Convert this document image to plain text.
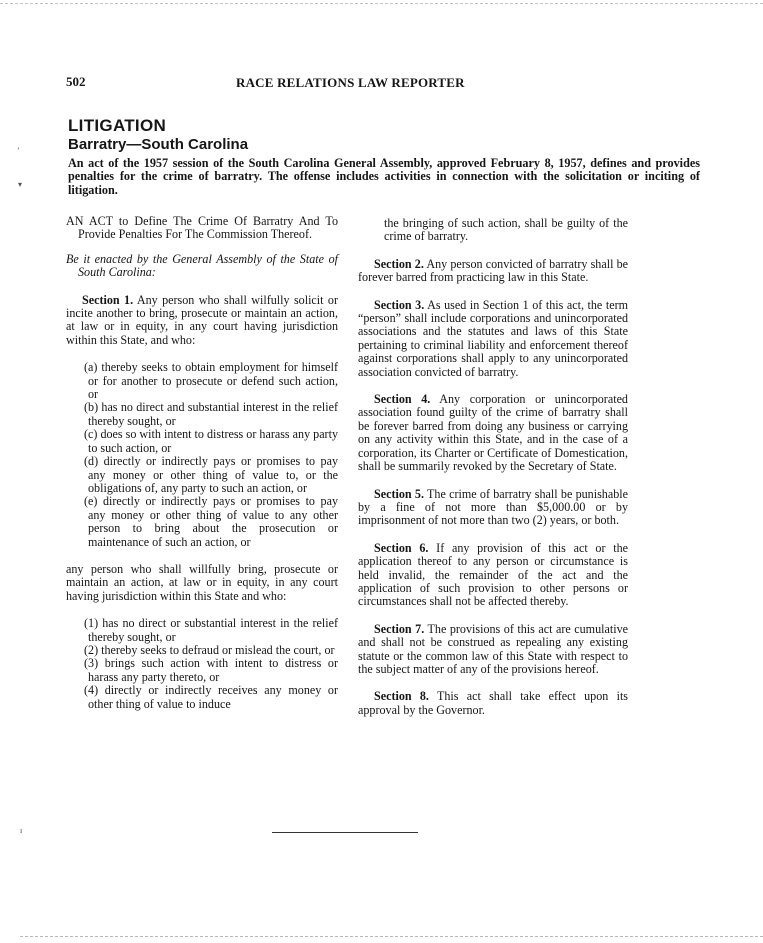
502	RACE RELATIONS LAW REPORTER
LITIGATION
Barratry—South Carolina
An act of the 1957 session of the South Carolina General Assembly, approved February 8, 1957, defines and provides penalties for the crime of barratry. The offense includes activities in connection with the solicitation or inciting of litigation.
ʼ
▾
ı

AN ACT to Define The Crime Of Barratry And To Provide Penalties For The Commission Thereof.

Be it enacted by the General Assembly of the State of South Carolina:

Section 1. Any person who shall wilfully solicit or incite another to bring, prosecute or maintain an action, at law or in equity, in any court having jurisdiction within this State, and who:

(a) thereby seeks to obtain employment for himself or for another to prosecute or defend such action, or

(b) has no direct and substantial interest in the relief thereby sought, or

(c) does so with intent to distress or harass any party to such action, or

(d) directly or indirectly pays or promises to pay any money or other thing of value to, or the obligations of, any party to such an action, or

(e) directly or indirectly pays or promises to pay any money or other thing of value to any other person to bring about the prosecution or maintenance of such an action, or

any person who shall willfully bring, prosecute or maintain an action, at law or in equity, in any court having jurisdiction within this State and who:

(1) has no direct or substantial interest in the relief thereby sought, or

(2) thereby seeks to defraud or mislead the court, or

(3) brings such action with intent to distress or harass any party thereto, or

(4) directly or indirectly receives any money or other thing of value to induce

the bringing of such action, shall be guilty of the crime of barratry.

Section 2. Any person convicted of barratry shall be forever barred from practicing law in this State.

Section 3. As used in Section 1 of this act, the term “person” shall include corporations and unincorporated associations and the statutes and laws of this State pertaining to criminal liability and enforcement thereof against corporations shall apply to any unincorporated association convicted of barratry.

Section 4. Any corporation or unincorporated association found guilty of the crime of barratry shall be forever barred from doing any business or carrying on any activity within this State, and in the case of a corporation, its Charter or Certificate of Domestication, shall be summarily revoked by the Secretary of State.

Section 5. The crime of barratry shall be punishable by a fine of not more than $5,000.00 or by imprisonment of not more than two (2) years, or both.

Section 6. If any provision of this act or the application thereof to any person or circumstance is held invalid, the remainder of the act and the application of such provision to other persons or circumstances shall not be affected thereby.

Section 7. The provisions of this act are cumulative and shall not be construed as repealing any existing statute or the common law of this State with respect to the subject matter of any of the provisions hereof.

Section 8. This act shall take effect upon its approval by the Governor.
